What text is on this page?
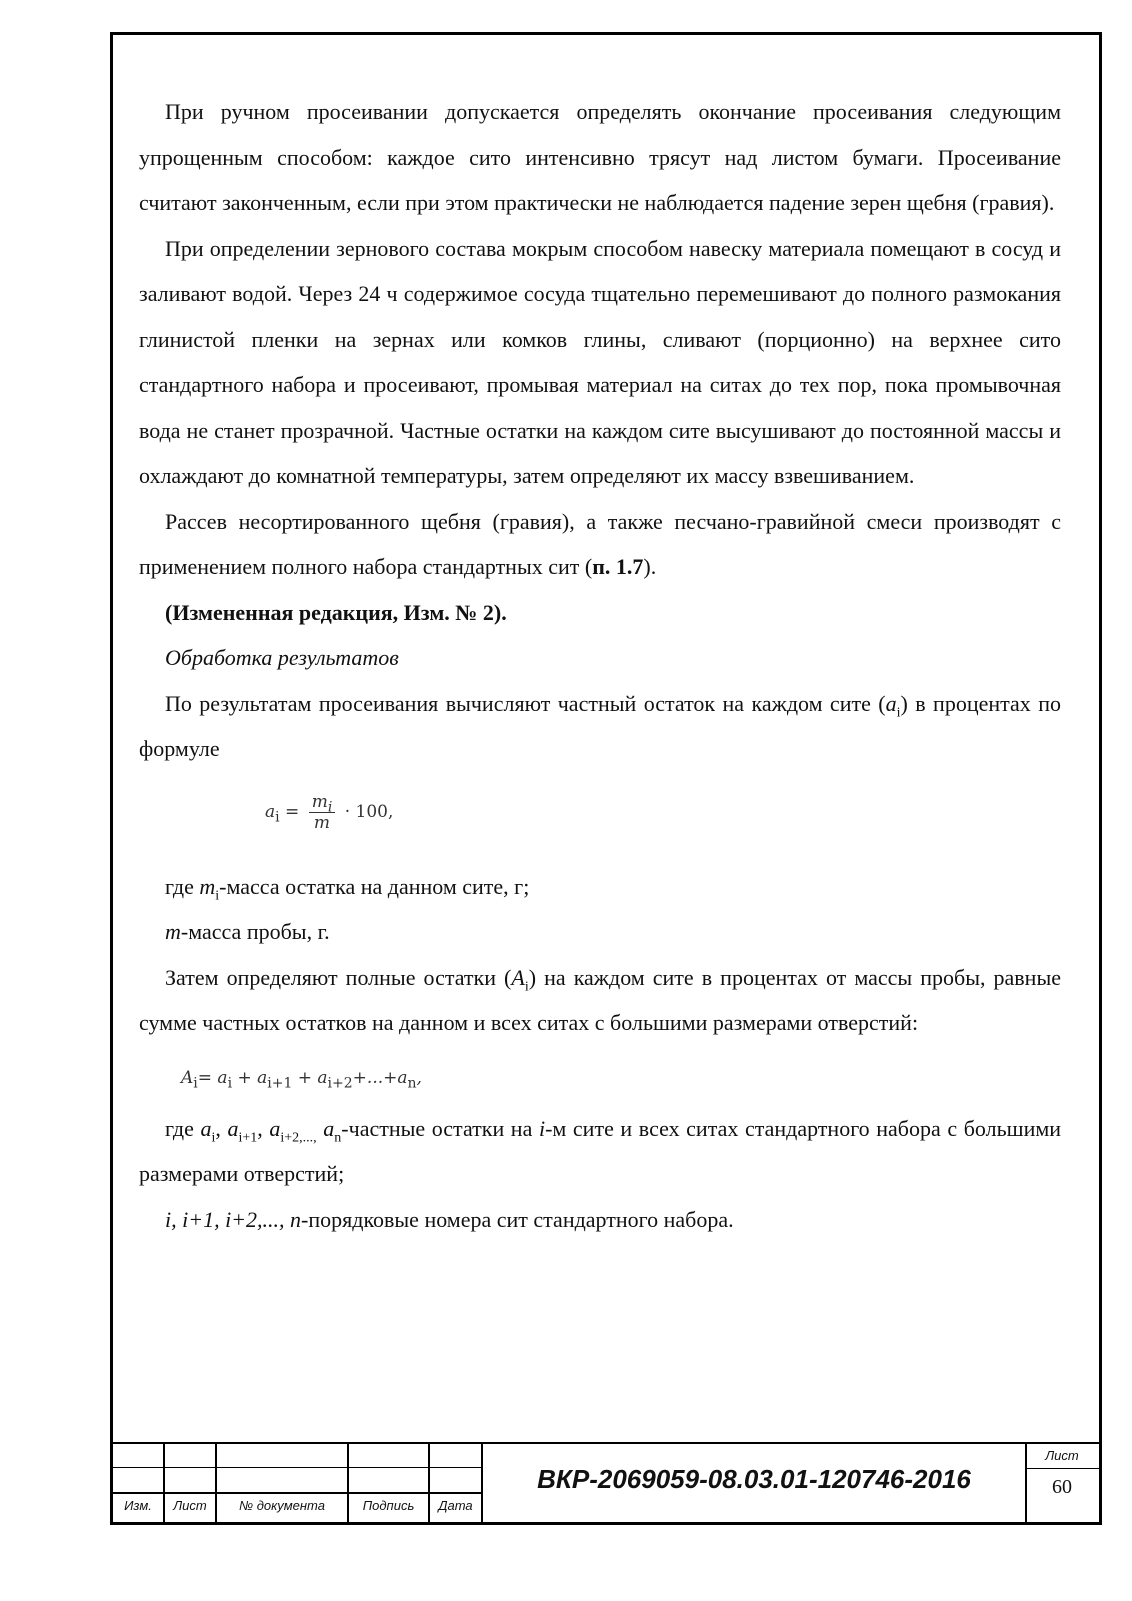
При ручном просеивании допускается определять окончание просеивания следующим упрощенным способом: каждое сито интенсивно трясут над листом бумаги. Просеивание считают законченным, если при этом практически не наблюдается падение зерен щебня (гравия).

При определении зернового состава мокрым способом навеску материала помещают в сосуд и заливают водой. Через 24 ч содержимое сосуда тщательно перемешивают до полного размокания глинистой пленки на зернах или комков глины, сливают (порционно) на верхнее сито стандартного набора и просеивают, промывая материал на ситах до тех пор, пока промывочная вода не станет прозрачной. Частные остатки на каждом сите высушивают до постоянной массы и охлаждают до комнатной температуры, затем определяют их массу взвешиванием.

Рассев несортированного щебня (гравия), а также песчано-гравийной смеси производят с применением полного набора стандартных сит (п. 1.7).

(Измененная редакция, Изм. № 2).

Обработка результатов

По результатам просеивания вычисляют частный остаток на каждом сите $(a_i)$ в процентах по формуле

$a_i = \frac{m_i}{m} \cdot 100$,

где $m_i$-масса остатка на данном сите, г;

m-масса пробы, г.

Затем определяют полные остатки $(A_i)$ на каждом сите в процентах от массы пробы, равные сумме частных остатков на данном и всех ситах с большими размерами отверстий:

$A_i= a_i + a_{i+1} + a_{i+2}+...+a_n$,

где $a_i$, $a_{i+1}$, $a_{i+2,...,}$ $a_n$-частные остатки на i-м сите и всех ситах стандартного набора с большими размерами отверстий;

i, i+1, i+2,..., n-порядковые номера сит стандартного набора.

Изм.	Лист	№ документа	Подпись	Дата
ВКР-2069059-08.03.01-120746-2016
Лист
60
